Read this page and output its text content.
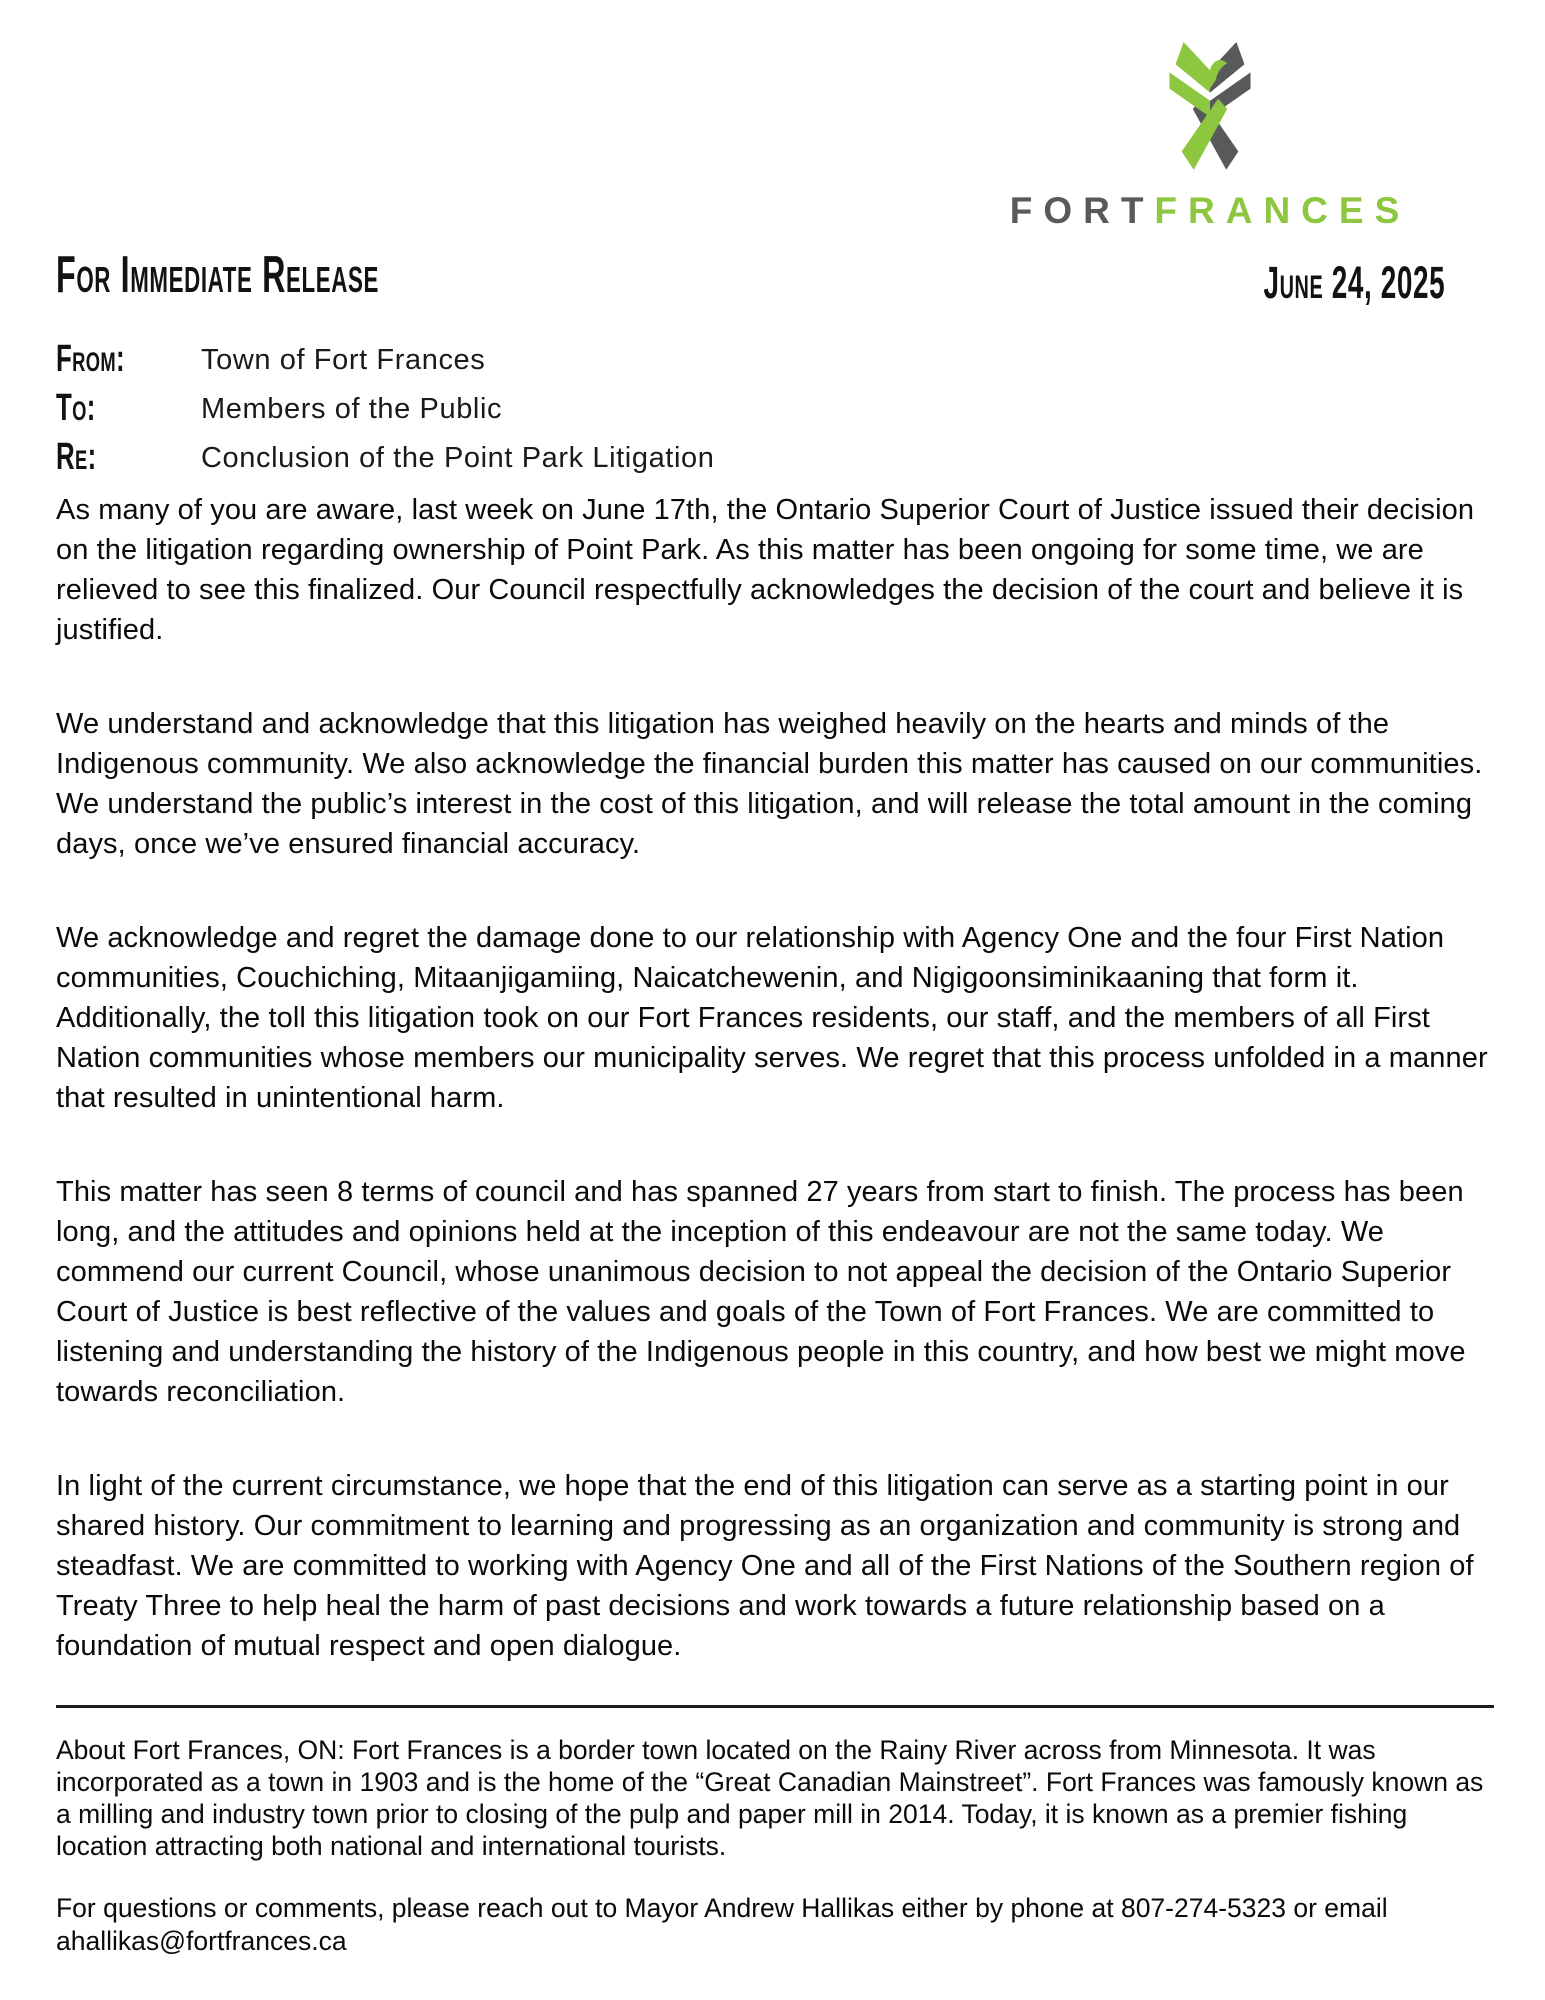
FORTFRANCES
For Immediate Release	June 24, 2025
From:	Town of Fort Frances
To:	Members of the Public
Re:	Conclusion of the Point Park Litigation

As many of you are aware, last week on June 17th, the Ontario Superior Court of Justice issued their decision on the litigation regarding ownership of Point Park. As this matter has been ongoing for some time, we are relieved to see this finalized. Our Council respectfully acknowledges the decision of the court and believe it is justified.

We understand and acknowledge that this litigation has weighed heavily on the hearts and minds of the Indigenous community. We also acknowledge the financial burden this matter has caused on our communities. We understand the public’s interest in the cost of this litigation, and will release the total amount in the coming days, once we’ve ensured financial accuracy.

We acknowledge and regret the damage done to our relationship with Agency One and the four First Nation communities, Couchiching, Mitaanjigamiing, Naicatchewenin, and Nigigoonsiminikaaning that form it. Additionally, the toll this litigation took on our Fort Frances residents, our staff, and the members of all First Nation communities whose members our municipality serves. We regret that this process unfolded in a manner that resulted in unintentional harm.

This matter has seen 8 terms of council and has spanned 27 years from start to finish. The process has been long, and the attitudes and opinions held at the inception of this endeavour are not the same today. We commend our current Council, whose unanimous decision to not appeal the decision of the Ontario Superior Court of Justice is best reflective of the values and goals of the Town of Fort Frances. We are committed to listening and understanding the history of the Indigenous people in this country, and how best we might move towards reconciliation.

In light of the current circumstance, we hope that the end of this litigation can serve as a starting point in our shared history. Our commitment to learning and progressing as an organization and community is strong and steadfast. We are committed to working with Agency One and all of the First Nations of the Southern region of Treaty Three to help heal the harm of past decisions and work towards a future relationship based on a foundation of mutual respect and open dialogue.

About Fort Frances, ON: Fort Frances is a border town located on the Rainy River across from Minnesota. It was incorporated as a town in 1903 and is the home of the “Great Canadian Mainstreet”. Fort Frances was famously known as a milling and industry town prior to closing of the pulp and paper mill in 2014. Today, it is known as a premier fishing location attracting both national and international tourists.

For questions or comments, please reach out to Mayor Andrew Hallikas either by phone at 807-274-5323 or email ahallikas@fortfrances.ca
